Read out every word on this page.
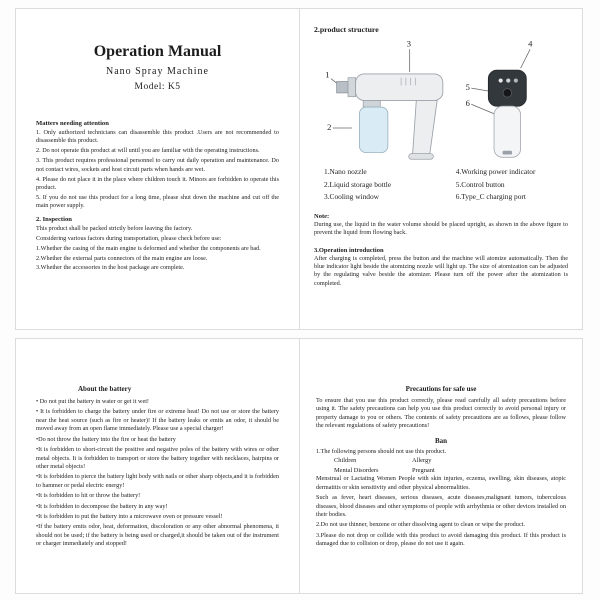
Operation Manual
Nano Spray Machine
Model: K5
Matters needing attention

1. Only authorized technicians can disassemble this product .Users are not recommended to disassemble this product.

2. Do not operate this product at will until you are familiar with the operating instructions.

3. This product requires professional personnel to carry out daily operation and maintenance. Do not contact wires, sockets and host circuit parts when hands are wet.

4. Please do not place it in the place where children touch it. Minors are forbidden to operate this product.

5. If you do not use this product for a long time, please shut down the machine and cut off the main power supply.

2. Inspection

This product shall be packed strictly before leaving the factory.

Considering various factors during transportation, please check before use:

1.Whether the casing of the main engine is deformed and whether the components are bad.

2.Whether the external parts connectors of the main engine are loose.

3.Whether the accessories in the host package are complete.

2.product structure
3
1
2
4
5
6
1.Nano nozzle
2.Liquid storage bottle
3.Cooling window
4.Working power indicator
5.Control button
6.Type_C charging port
Note:

During use, the liquid in the water volume should be placed upright, as shown in the above figure to prevent the liquid from flowing back.

3.Operation introduction

After charging is completed, press the button and the machine will atomize automatically. Then the blue indicator light beside the atomizing nozzle will light up. The size of atomization can be adjusted by the regulating valve beside the atomizer. Please turn off the power after the atomization is completed.

About the battery

• Do not put the battery in water or get it wet!

• It is forbidden to charge the battery under fire or extreme heat! Do not use or store the battery near the heat source (such as fire or heater)! If the battery leaks or emits an odor, it should be moved away from an open flame immediately. Please use a special charger!

•Do not throw the battery into the fire or heat the battery

•It is forbidden to short-circuit the positive and negative poles of the battery with wires or other metal objects. It is forbidden to transport or store the battery together with necklaces, hairpins or other metal objects!

•It is forbidden to pierce the battery light body with nails or other sharp objects,and it is forbidden to hammer or pedal electric energy!

•It is forbidden to hit or throw the battery!

•It is forbidden to decompose the battery in any way!

•It is forbidden to put the battery into a microwave oven or pressure vessel!

•If the battery emits odor, heat, deformation, discoloration or any other abnormal phenomena, it should not be used; if the battery is being used or charged,it should be taken out of the instrument or charger immediately and stopped!

Precautions for safe use

To ensure that you use this product correctly, please read carefully all safety precautions before using it. The safety precautions can help you use this product correctly to avoid personal injury or property damage to you or others. The contents of safety precautions are as follows, please follow the relevant regulations of safety precautions!

Ban

1.The following persons should not use this product.

Children	Allergy
Mental Disorders	Pregnant

Menstrual or Lactating Women People with skin injuries, eczema, swelling, skin diseases, atopic dermatitis or skin sensitivity and other physical abnormalities.

Such as fever, heart diseases, serious diseases, acute diseases,malignant tumors, tuberculous diseases, blood diseases and other symptoms of people with arrhythmia or other devices installed on their bodies.

2.Do not use thinner, benzene or other dissolving agent to clean or wipe the product.

3.Please do not drop or collide with this product to avoid damaging this product. If this product is damaged due to collision or drop, please do not use it again.
